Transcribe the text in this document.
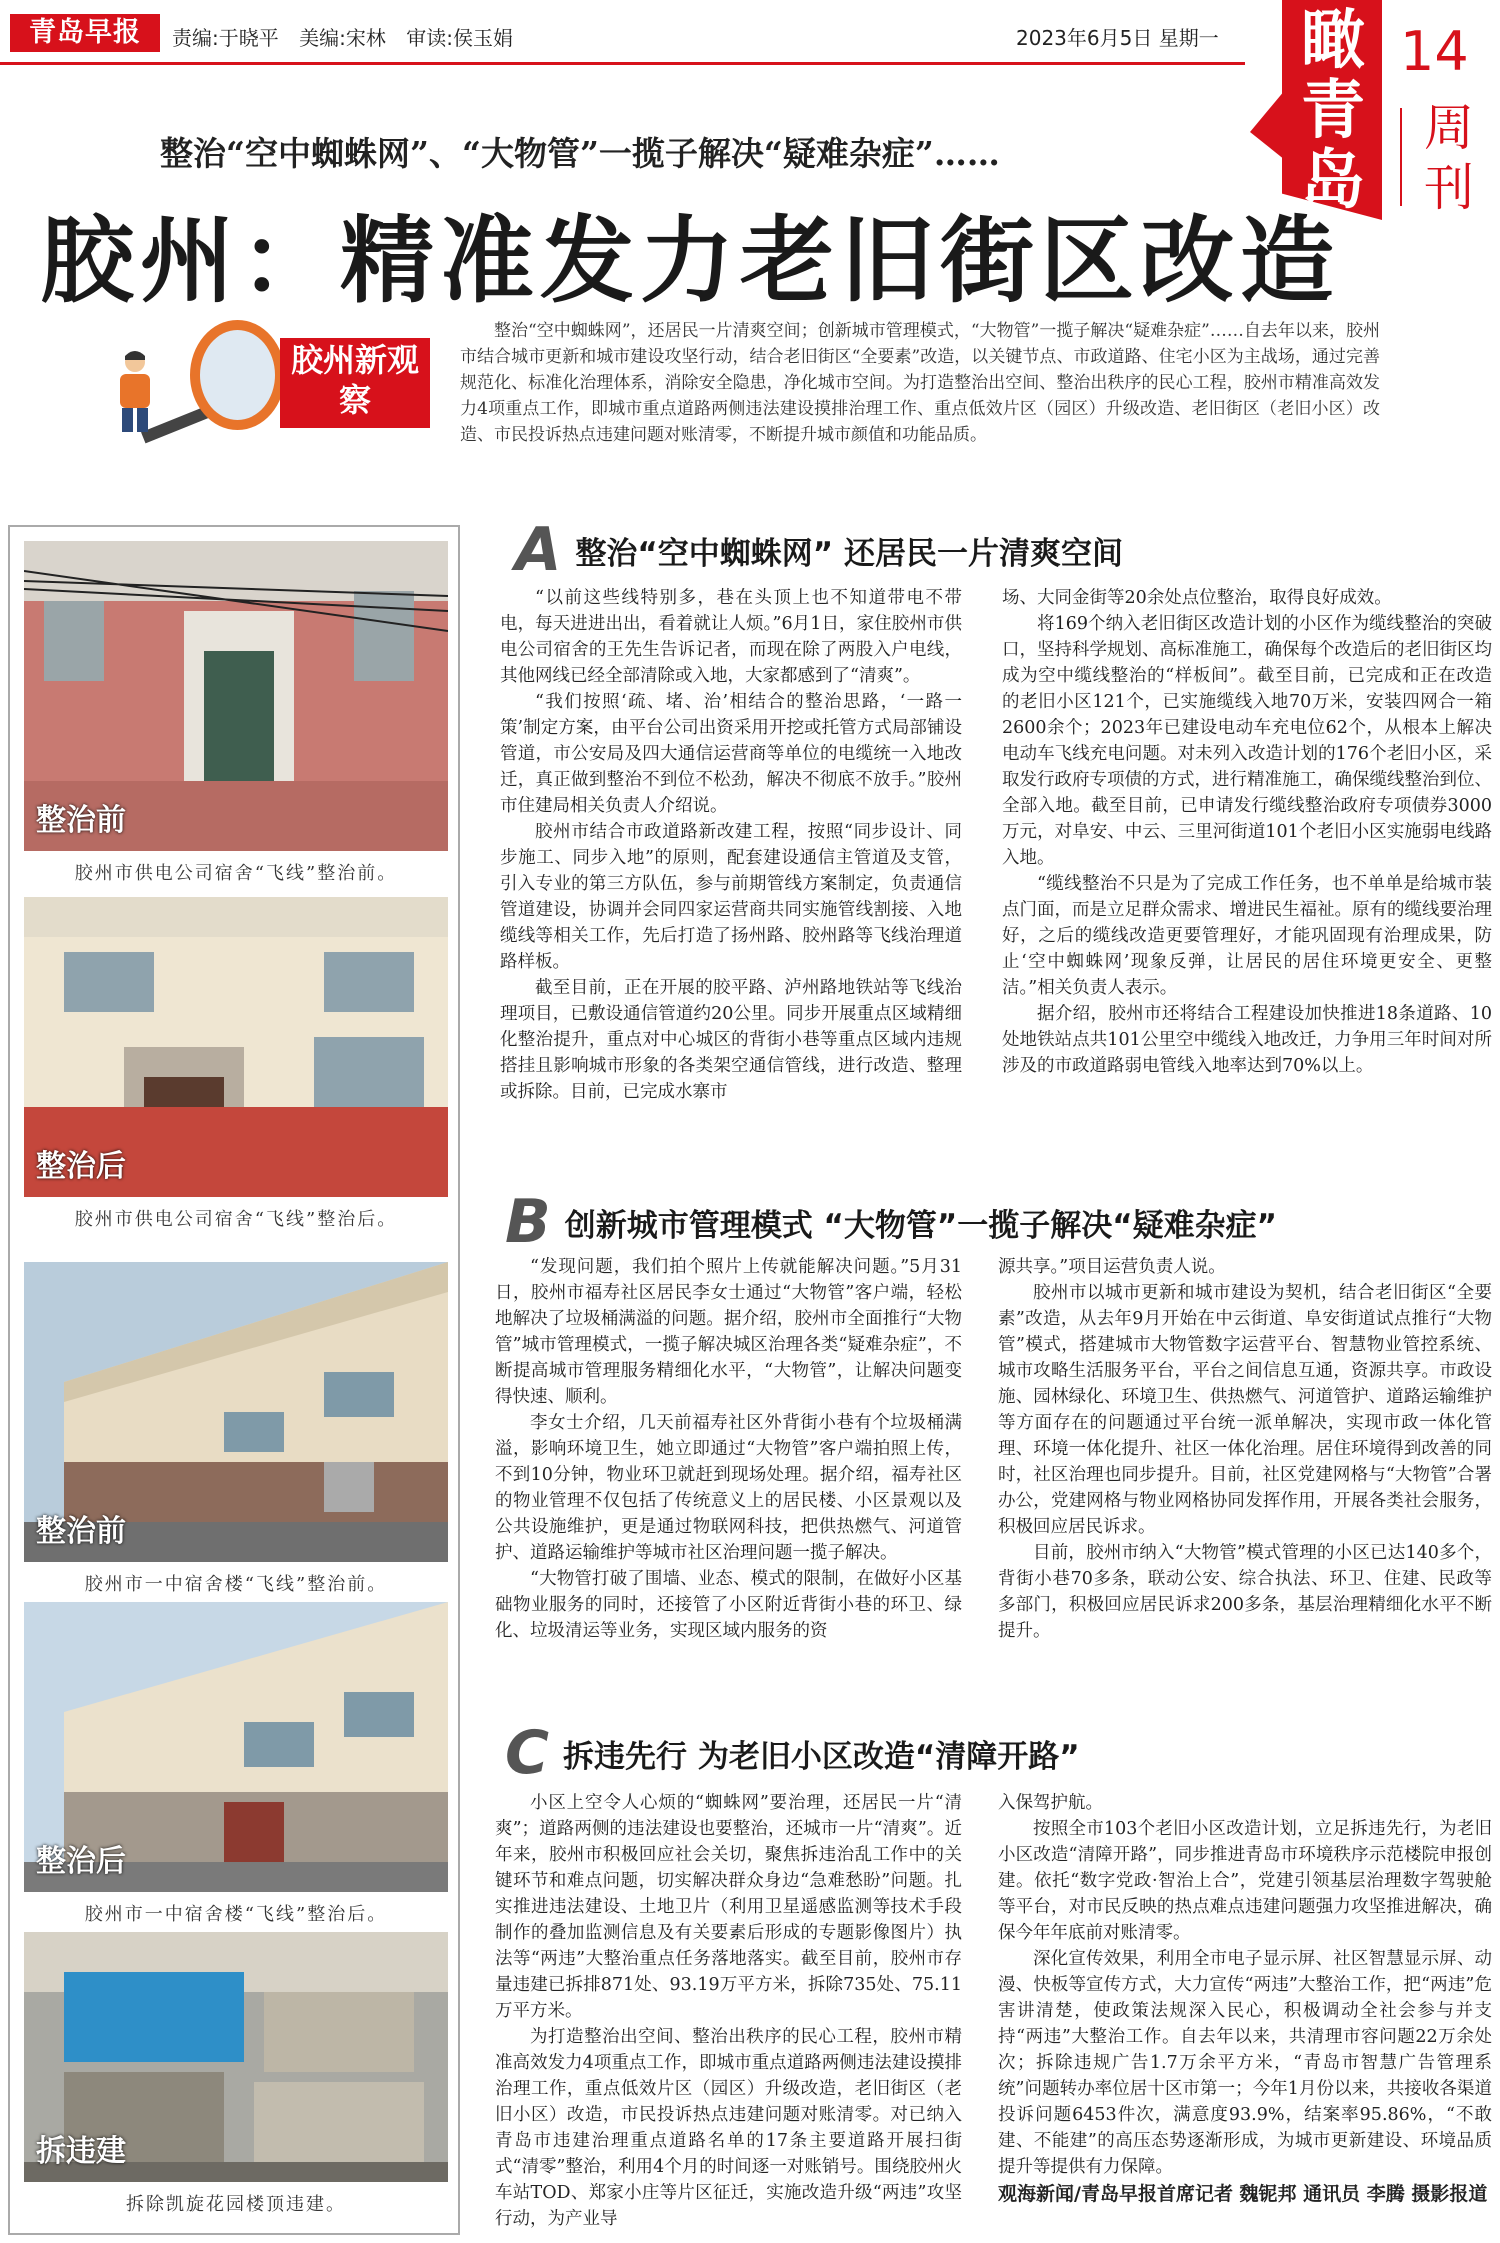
青岛早报	责编:于晓平 美编:宋林 审读:侯玉娟	2023年6月5日 星期一 瞰青岛
14
周刊
整治“空中蜘蛛网”、“大物管”一揽子解决“疑难杂症”……
胶州：精准发力老旧街区改造
胶州新观察
整治“空中蜘蛛网”，还居民一片清爽空间；创新城市管理模式，“大物管”一揽子解决“疑难杂症”……自去年以来，胶州市结合城市更新和城市建设攻坚行动，结合老旧街区“全要素”改造，以关键节点、市政道路、住宅小区为主战场，通过完善规范化、标准化治理体系，消除安全隐患，净化城市空间。为打造整治出空间、整治出秩序的民心工程，胶州市精准高效发力4项重点工作，即城市重点道路两侧违法建设摸排治理工作、重点低效片区（园区）升级改造、老旧街区（老旧小区）改造、市民投诉热点违建问题对账清零，不断提升城市颜值和功能品质。
整治前
胶州市供电公司宿舍“飞线”整治前。
整治后
胶州市供电公司宿舍“飞线”整治后。
整治前
胶州市一中宿舍楼“飞线”整治前。
整治后
胶州市一中宿舍楼“飞线”整治后。
拆违建
拆除凯旋花园楼顶违建。
A整治“空中蜘蛛网” 还居民一片清爽空间

“以前这些线特别多，巷在头顶上也不知道带电不带电，每天进进出出，看着就让人烦。”6月1日，家住胶州市供电公司宿舍的王先生告诉记者，而现在除了两股入户电线，其他网线已经全部清除或入地，大家都感到了“清爽”。

“我们按照‘疏、堵、治’相结合的整治思路，‘一路一策’制定方案，由平台公司出资采用开挖或托管方式局部铺设管道，市公安局及四大通信运营商等单位的电缆统一入地改迁，真正做到整治不到位不松劲，解决不彻底不放手。”胶州市住建局相关负责人介绍说。

胶州市结合市政道路新改建工程，按照“同步设计、同步施工、同步入地”的原则，配套建设通信主管道及支管，引入专业的第三方队伍，参与前期管线方案制定，负责通信管道建设，协调并会同四家运营商共同实施管线割接、入地缆线等相关工作，先后打造了扬州路、胶州路等飞线治理道路样板。

截至目前，正在开展的胶平路、泸州路地铁站等飞线治理项目，已敷设通信管道约20公里。同步开展重点区域精细化整治提升，重点对中心城区的背街小巷等重点区域内违规搭挂且影响城市形象的各类架空通信管线，进行改造、整理或拆除。目前，已完成水寨市

场、大同金街等20余处点位整治，取得良好成效。

将169个纳入老旧街区改造计划的小区作为缆线整治的突破口，坚持科学规划、高标准施工，确保每个改造后的老旧街区均成为空中缆线整治的“样板间”。截至目前，已完成和正在改造的老旧小区121个，已实施缆线入地70万米，安装四网合一箱2600余个；2023年已建设电动车充电位62个，从根本上解决电动车飞线充电问题。对未列入改造计划的176个老旧小区，采取发行政府专项债的方式，进行精准施工，确保缆线整治到位、全部入地。截至目前，已申请发行缆线整治政府专项债券3000万元，对阜安、中云、三里河街道101个老旧小区实施弱电线路入地。

“缆线整治不只是为了完成工作任务，也不单单是给城市装点门面，而是立足群众需求、增进民生福祉。原有的缆线要治理好，之后的缆线改造更要管理好，才能巩固现有治理成果，防止‘空中蜘蛛网’现象反弹，让居民的居住环境更安全、更整洁。”相关负责人表示。

据介绍，胶州市还将结合工程建设加快推进18条道路、10处地铁站点共101公里空中缆线入地改迁，力争用三年时间对所涉及的市政道路弱电管线入地率达到70%以上。

B创新城市管理模式 “大物管”一揽子解决“疑难杂症”

“发现问题，我们拍个照片上传就能解决问题。”5月31日，胶州市福寿社区居民李女士通过“大物管”客户端，轻松地解决了垃圾桶满溢的问题。据介绍，胶州市全面推行“大物管”城市管理模式，一揽子解决城区治理各类“疑难杂症”，不断提高城市管理服务精细化水平，“大物管”，让解决问题变得快速、顺利。

李女士介绍，几天前福寿社区外背街小巷有个垃圾桶满溢，影响环境卫生，她立即通过“大物管”客户端拍照上传，不到10分钟，物业环卫就赶到现场处理。据介绍，福寿社区的物业管理不仅包括了传统意义上的居民楼、小区景观以及公共设施维护，更是通过物联网科技，把供热燃气、河道管护、道路运输维护等城市社区治理问题一揽子解决。

“大物管打破了围墙、业态、模式的限制，在做好小区基础物业服务的同时，还接管了小区附近背街小巷的环卫、绿化、垃圾清运等业务，实现区域内服务的资

源共享。”项目运营负责人说。

胶州市以城市更新和城市建设为契机，结合老旧街区“全要素”改造，从去年9月开始在中云街道、阜安街道试点推行“大物管”模式，搭建城市大物管数字运营平台、智慧物业管控系统、城市攻略生活服务平台，平台之间信息互通，资源共享。市政设施、园林绿化、环境卫生、供热燃气、河道管护、道路运输维护等方面存在的问题通过平台统一派单解决，实现市政一体化管理、环境一体化提升、社区一体化治理。居住环境得到改善的同时，社区治理也同步提升。目前，社区党建网格与“大物管”合署办公，党建网格与物业网格协同发挥作用，开展各类社会服务，积极回应居民诉求。

目前，胶州市纳入“大物管”模式管理的小区已达140多个，背街小巷70多条，联动公安、综合执法、环卫、住建、民政等多部门，积极回应居民诉求200多条，基层治理精细化水平不断提升。

C拆违先行 为老旧小区改造“清障开路”

小区上空令人心烦的“蜘蛛网”要治理，还居民一片“清爽”；道路两侧的违法建设也要整治，还城市一片“清爽”。近年来，胶州市积极回应社会关切，聚焦拆违治乱工作中的关键环节和难点问题，切实解决群众身边“急难愁盼”问题。扎实推进违法建设、土地卫片（利用卫星遥感监测等技术手段制作的叠加监测信息及有关要素后形成的专题影像图片）执法等“两违”大整治重点任务落地落实。截至目前，胶州市存量违建已拆排871处、93.19万平方米，拆除735处、75.11万平方米。

为打造整治出空间、整治出秩序的民心工程，胶州市精准高效发力4项重点工作，即城市重点道路两侧违法建设摸排治理工作，重点低效片区（园区）升级改造，老旧街区（老旧小区）改造，市民投诉热点违建问题对账清零。对已纳入青岛市违建治理重点道路名单的17条主要道路开展扫街式“清零”整治，利用4个月的时间逐一对账销号。围绕胶州火车站TOD、郑家小庄等片区征迁，实施改造升级“两违”攻坚行动，为产业导

入保驾护航。

按照全市103个老旧小区改造计划，立足拆违先行，为老旧小区改造“清障开路”，同步推进青岛市环境秩序示范楼院申报创建。依托“数字党政·智治上合”，党建引领基层治理数字驾驶舱等平台，对市民反映的热点难点违建问题强力攻坚推进解决，确保今年年底前对账清零。

深化宣传效果，利用全市电子显示屏、社区智慧显示屏、动漫、快板等宣传方式，大力宣传“两违”大整治工作，把“两违”危害讲清楚，使政策法规深入民心，积极调动全社会参与并支持“两违”大整治工作。自去年以来，共清理市容问题22万余处次；拆除违规广告1.7万余平方米，“青岛市智慧广告管理系统”问题转办率位居十区市第一；今年1月份以来，共接收各渠道投诉问题6453件次，满意度93.9%，结案率95.86%，“不敢建、不能建”的高压态势逐渐形成，为城市更新建设、环境品质提升等提供有力保障。

观海新闻/青岛早报首席记者 魏铌邦 通讯员 李腾 摄影报道
